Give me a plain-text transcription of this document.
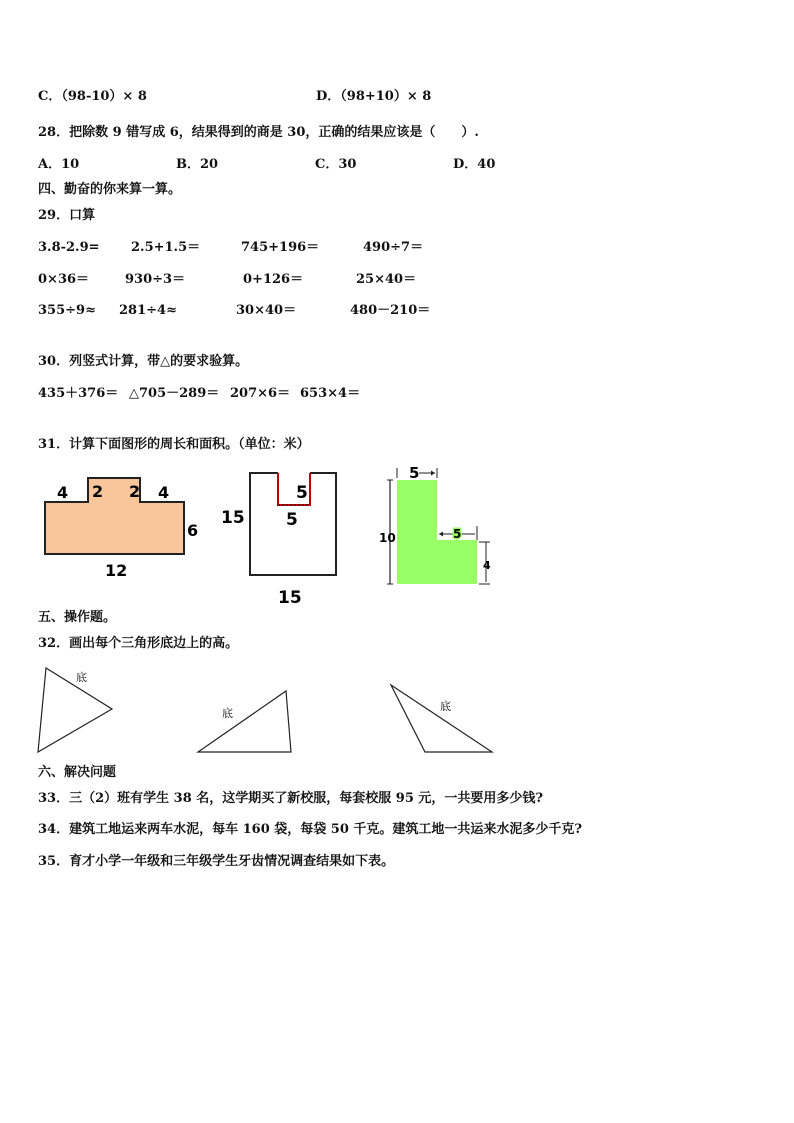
C．（98-10）× 8	D．（98+10）× 8
28．把除数 9 错写成 6，结果得到的商是 30，正确的结果应该是（　　）.
A．10	B．20	C．30	D．40
四、勤奋的你来算一算。
29．口算
3.8-2.9= 2.5+1.5＝	745+196＝	490÷7＝
0×36＝	930÷3＝	0+126＝	25×40＝
355÷9≈ 281÷4≈	30×40＝	480－210＝
30．列竖式计算，带△的要求验算。
435＋376＝ △705－289＝ 207×6＝ 653×4＝
31．计算下面图形的周长和面积。（单位：米）
4 2 2 4
6
12
15
5
5
15
5
10	5
4
五、操作题。
32．画出每个三角形底边上的高。
底
底
底
六、解决问题
33．三（2）班有学生 38 名，这学期买了新校服，每套校服 95 元，一共要用多少钱?
34．建筑工地运来两车水泥，每车 160 袋，每袋 50 千克。建筑工地一共运来水泥多少千克?
35．育才小学一年级和三年级学生牙齿情况调查结果如下表。
